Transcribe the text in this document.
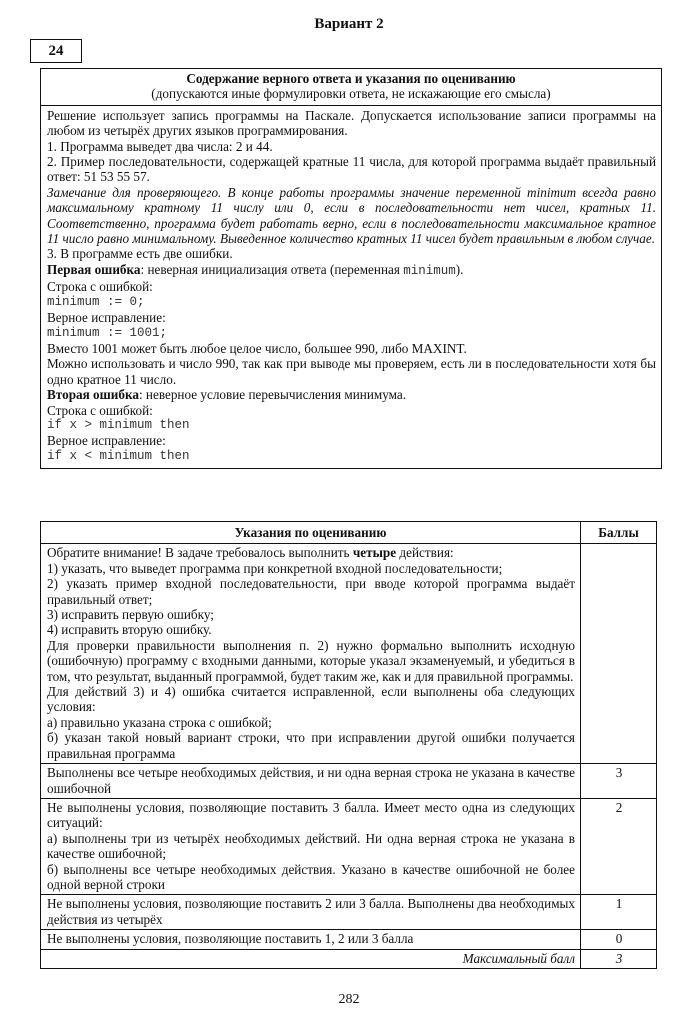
Вариант 2
24
Содержание верного ответа и указания по оцениванию
(допускаются иные формулировки ответа, не искажающие его смысла)

Решение использует запись программы на Паскале. Допускается использование записи программы на любом из четырёх других языков программирования.

1. Программа выведет два числа: 2 и 44.

2. Пример последовательности, содержащей кратные 11 числа, для которой программа выдаёт правильный ответ: 51 53 55 57.

Замечание для проверяющего. В конце работы программы значение переменной minimum всегда равно максимальному кратному 11 числу или 0, если в последовательности нет чисел, кратных 11. Соответственно, программа будет работать верно, если в последовательности максимальное кратное 11 число равно минимальному. Выведенное количество кратных 11 чисел будет правильным в любом случае.

3. В программе есть две ошибки.

Первая ошибка: неверная инициализация ответа (переменная minimum).

Строка с ошибкой:

minimum := 0;

Верное исправление:

minimum := 1001;

Вместо 1001 может быть любое целое число, большее 990, либо MAXINT.

Можно использовать и число 990, так как при выводе мы проверяем, есть ли в последовательности хотя бы одно кратное 11 число.

Вторая ошибка: неверное условие перевычисления минимума.

Строка с ошибкой:

if x > minimum then

Верное исправление:

if x < minimum then

Указания по оцениванию	Баллы

Обратите внимание! В задаче требовалось выполнить четыре действия:
1) указать, что выведет программа при конкретной входной последовательности;
2) указать пример входной последовательности, при вводе которой программа выдаёт правильный ответ;
3) исправить первую ошибку;
4) исправить вторую ошибку.
Для проверки правильности выполнения п. 2) нужно формально выполнить исходную (ошибочную) программу с входными данными, которые указал экзаменуемый, и убедиться в том, что результат, выданный программой, будет таким же, как и для правильной программы.
Для действий 3) и 4) ошибка считается исправленной, если выполнены оба следующих условия:
а) правильно указана строка с ошибкой;
б) указан такой новый вариант строки, что при исправлении другой ошибки получается правильная программа

Выполнены все четыре необходимых действия, и ни одна верная строка не указана в качестве ошибочной	3

Не выполнены условия, позволяющие поставить 3 балла. Имеет место одна из следующих ситуаций:
а) выполнены три из четырёх необходимых действий. Ни одна верная строка не указана в качестве ошибочной;
б) выполнены все четыре необходимых действия. Указано в качестве ошибочной не более одной верной строки	2

Не выполнены условия, позволяющие поставить 2 или 3 балла. Выполнены два необходимых действия из четырёх	1

Не выполнены условия, позволяющие поставить 1, 2 или 3 балла	0
Максимальный балл	3
282
